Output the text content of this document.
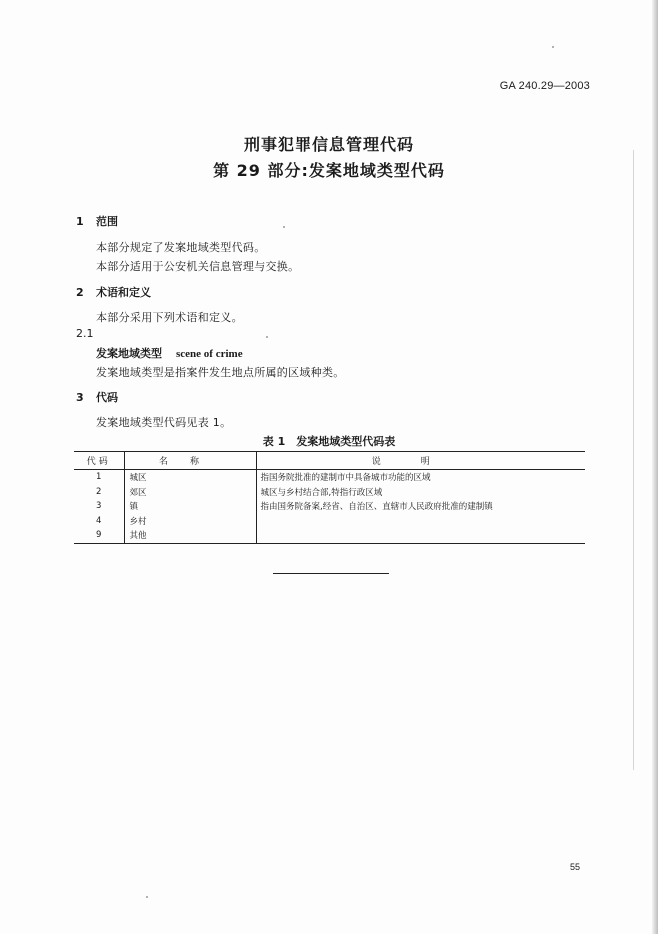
GA 240.29—2003
刑事犯罪信息管理代码
第 29 部分:发案地域类型代码
1 范围
本部分规定了发案地域类型代码。
本部分适用于公安机关信息管理与交换。
2 术语和定义
本部分采用下列术语和定义。
2.1
发案地域类型 scene of crime
发案地域类型是指案件发生地点所属的区域种类。
3 代码
发案地域类型代码见表 1。
表 1　发案地域类型代码表
代码	名称	说明
1	城区	指国务院批准的建制市中具备城市功能的区域
2	郊区	城区与乡村结合部,特指行政区域
3	镇	指由国务院备案,经省、自治区、直辖市人民政府批准的建制镇
4	乡村	
9	其他	
55
